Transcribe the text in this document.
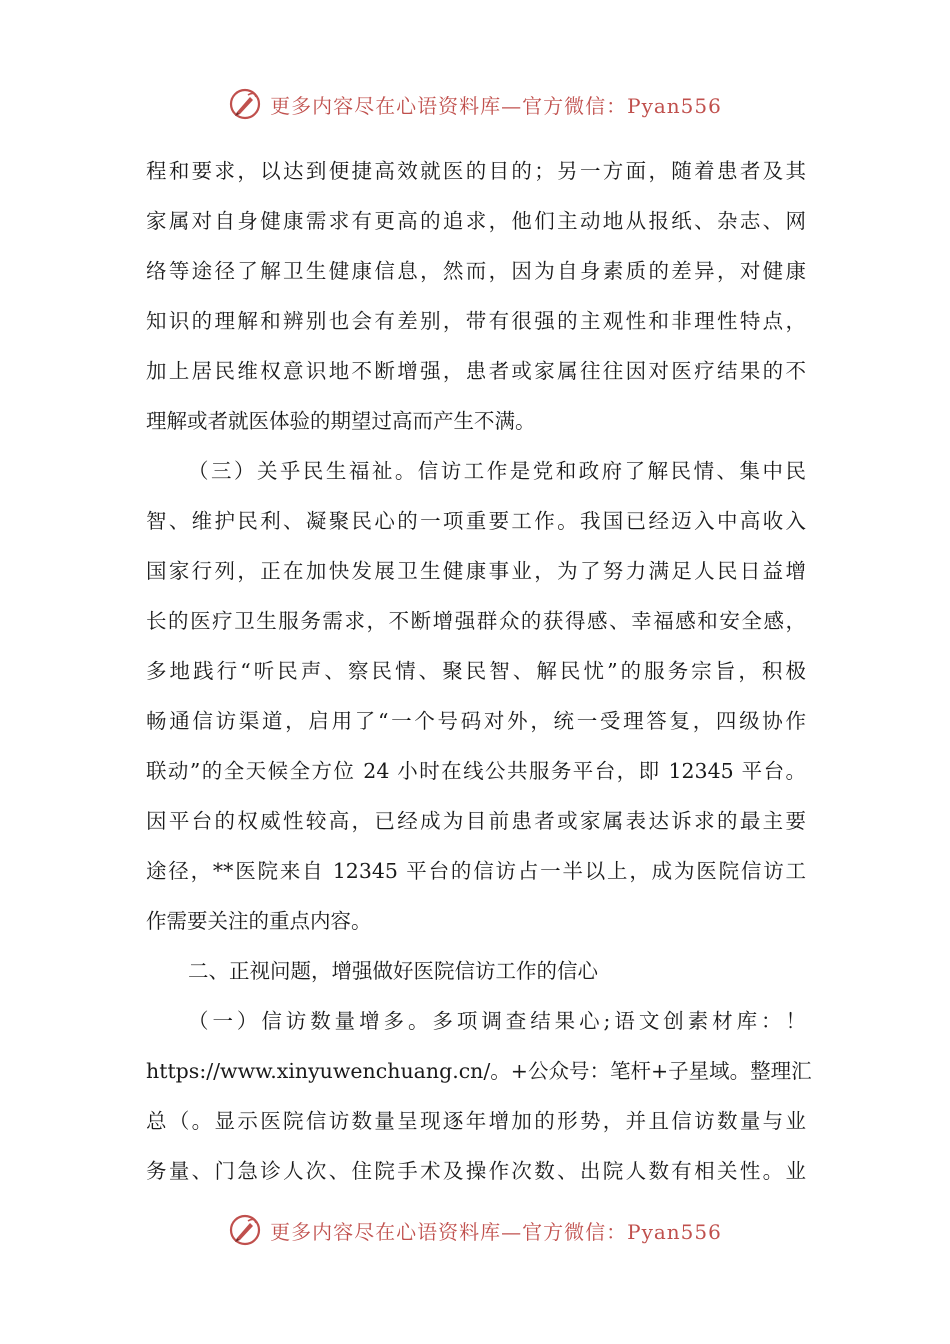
更多内容尽在心语资料库—官方微信：Pyan556
程和要求，以达到便捷高效就医的目的；另一方面，随着患者及其
家属对自身健康需求有更高的追求，他们主动地从报纸、杂志、网
络等途径了解卫生健康信息，然而，因为自身素质的差异，对健康
知识的理解和辨别也会有差别，带有很强的主观性和非理性特点，
加上居民维权意识地不断增强，患者或家属往往因对医疗结果的不
理解或者就医体验的期望过高而产生不满。
（三）关乎民生福祉。信访工作是党和政府了解民情、集中民
智、维护民利、凝聚民心的一项重要工作。我国已经迈入中高收入
国家行列，正在加快发展卫生健康事业，为了努力满足人民日益增
长的医疗卫生服务需求，不断增强群众的获得感、幸福感和安全感，
多地践行“听民声、察民情、聚民智、解民忧”的服务宗旨，积极
畅通信访渠道，启用了“一个号码对外，统一受理答复，四级协作
联动”的全天候全方位 24 小时在线公共服务平台，即 12345 平台。
因平台的权威性较高，已经成为目前患者或家属表达诉求的最主要
途径，**医院来自 12345 平台的信访占一半以上，成为医院信访工
作需要关注的重点内容。
二、正视问题，增强做好医院信访工作的信心
（一）信访数量增多。多项调查结果心;语文创素材库：！
https://www.xinyuwenchuang.cn/。+公众号：笔杆+子星域。整理汇
总（。显示医院信访数量呈现逐年增加的形势，并且信访数量与业
务量、门急诊人次、住院手术及操作次数、出院人数有相关性。业
更多内容尽在心语资料库—官方微信：Pyan556
